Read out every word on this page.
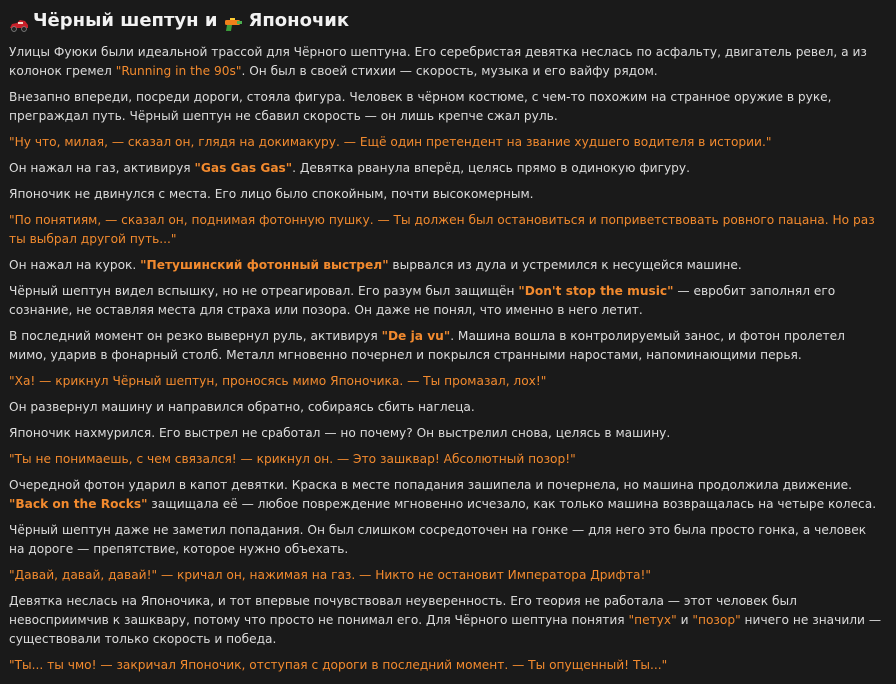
Чёрный шептун и Японочик

Улицы Фуюки были идеальной трассой для Чёрного шептуна. Его серебристая девятка неслась по асфальту, двигатель ревел, а из колонок гремел "Running in the 90s". Он был в своей стихии — скорость, музыка и его вайфу рядом.

Внезапно впереди, посреди дороги, стояла фигура. Человек в чёрном костюме, с чем-то похожим на странное оружие в руке, преграждал путь. Чёрный шептун не сбавил скорость — он лишь крепче сжал руль.

"Ну что, милая, — сказал он, глядя на докимакуру. — Ещё один претендент на звание худшего водителя в истории."

Он нажал на газ, активируя "Gas Gas Gas". Девятка рванула вперёд, целясь прямо в одинокую фигуру.

Японочик не двинулся с места. Его лицо было спокойным, почти высокомерным.

"По понятиям, — сказал он, поднимая фотонную пушку. — Ты должен был остановиться и поприветствовать ровного пацана. Но раз ты выбрал другой путь..."

Он нажал на курок. "Петушинский фотонный выстрел" вырвался из дула и устремился к несущейся машине.

Чёрный шептун видел вспышку, но не отреагировал. Его разум был защищён "Don't stop the music" — евробит заполнял его сознание, не оставляя места для страха или позора. Он даже не понял, что именно в него летит.

В последний момент он резко вывернул руль, активируя "De ja vu". Машина вошла в контролируемый занос, и фотон пролетел мимо, ударив в фонарный столб. Металл мгновенно почернел и покрылся странными наростами, напоминающими перья.

"Ха! — крикнул Чёрный шептун, проносясь мимо Японочика. — Ты промазал, лох!"

Он развернул машину и направился обратно, собираясь сбить наглеца.

Японочик нахмурился. Его выстрел не сработал — но почему? Он выстрелил снова, целясь в машину.

"Ты не понимаешь, с чем связался! — крикнул он. — Это зашквар! Абсолютный позор!"

Очередной фотон ударил в капот девятки. Краска в месте попадания зашипела и почернела, но машина продолжила движение. "Back on the Rocks" защищала её — любое повреждение мгновенно исчезало, как только машина возвращалась на четыре колеса.

Чёрный шептун даже не заметил попадания. Он был слишком сосредоточен на гонке — для него это была просто гонка, а человек на дороге — препятствие, которое нужно объехать.

"Давай, давай, давай!" — кричал он, нажимая на газ. — Никто не остановит Императора Дрифта!"

Девятка неслась на Японочика, и тот впервые почувствовал неуверенность. Его теория не работала — этот человек был невосприимчив к зашквару, потому что просто не понимал его. Для Чёрного шептуна понятия "петух" и "позор" ничего не значили — существовали только скорость и победа.

"Ты... ты чмо! — закричал Японочик, отступая с дороги в последний момент. — Ты опущенный! Ты..."
